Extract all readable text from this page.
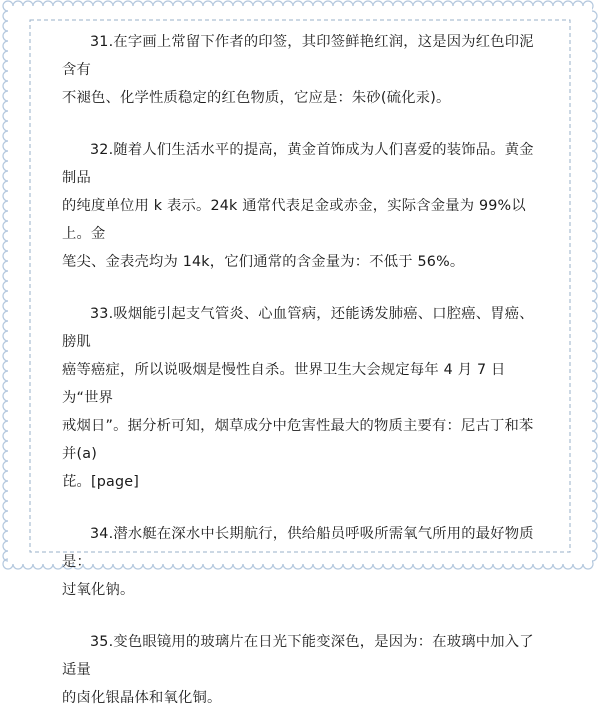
31.在字画上常留下作者的印签，其印签鲜艳红润，这是因为红色印泥含有
不褪色、化学性质稳定的红色物质，它应是：朱砂(硫化汞)。
32.随着人们生活水平的提高，黄金首饰成为人们喜爱的装饰品。黄金制品
的纯度单位用 k 表示。24k 通常代表足金或赤金，实际含金量为 99%以上。金
笔尖、金表壳均为 14k，它们通常的含金量为：不低于 56%。
33.吸烟能引起支气管炎、心血管病，还能诱发肺癌、口腔癌、胃癌、膀肌
癌等癌症，所以说吸烟是慢性自杀。世界卫生大会规定每年 4 月 7 日为“世界
戒烟日”。据分析可知，烟草成分中危害性最大的物质主要有：尼古丁和苯并(a)
芘。[page]
34.潜水艇在深水中长期航行，供给船员呼吸所需氧气所用的最好物质是：
过氧化钠。
35.变色眼镜用的玻璃片在日光下能变深色，是因为：在玻璃中加入了适量
的卤化银晶体和氧化铜。
